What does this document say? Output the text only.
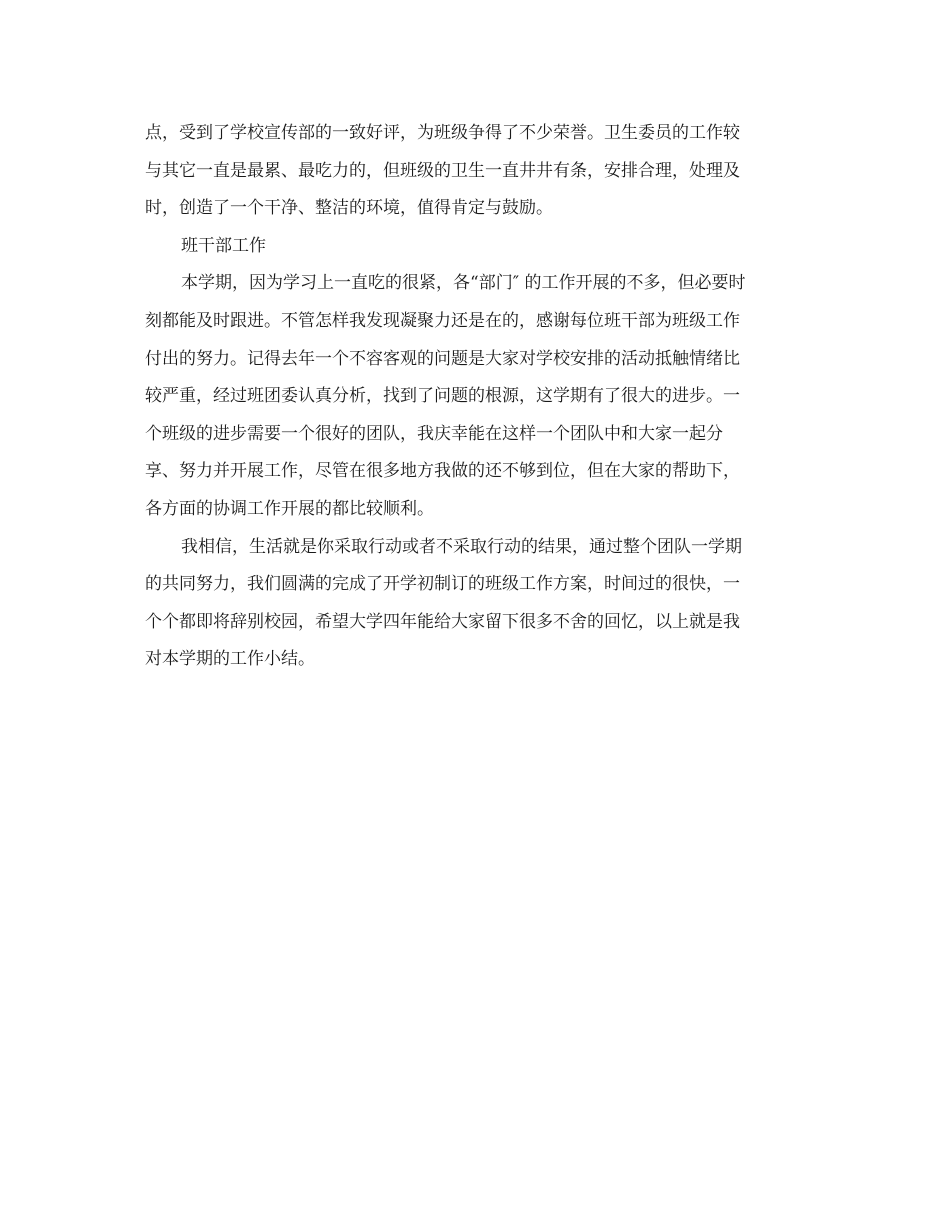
点，受到了学校宣传部的一致好评，为班级争得了不少荣誉。卫生委员的工作较
与其它一直是最累、最吃力的，但班级的卫生一直井井有条，安排合理，处理及
时，创造了一个干净、整洁的环境，值得肯定与鼓励。
班干部工作
本学期，因为学习上一直吃的很紧，各“部门″ 的工作开展的不多，但必要时
刻都能及时跟进。不管怎样我发现凝聚力还是在的，感谢每位班干部为班级工作
付出的努力。记得去年一个不容客观的问题是大家对学校安排的活动抵触情绪比
较严重，经过班团委认真分析，找到了问题的根源，这学期有了很大的进步。一
个班级的进步需要一个很好的团队，我庆幸能在这样一个团队中和大家一起分
享、努力并开展工作，尽管在很多地方我做的还不够到位，但在大家的帮助下，
各方面的协调工作开展的都比较顺利。
我相信，生活就是你采取行动或者不采取行动的结果，通过整个团队一学期
的共同努力，我们圆满的完成了开学初制订的班级工作方案，时间过的很快，一
个个都即将辞别校园，希望大学四年能给大家留下很多不舍的回忆，以上就是我
对本学期的工作小结。
